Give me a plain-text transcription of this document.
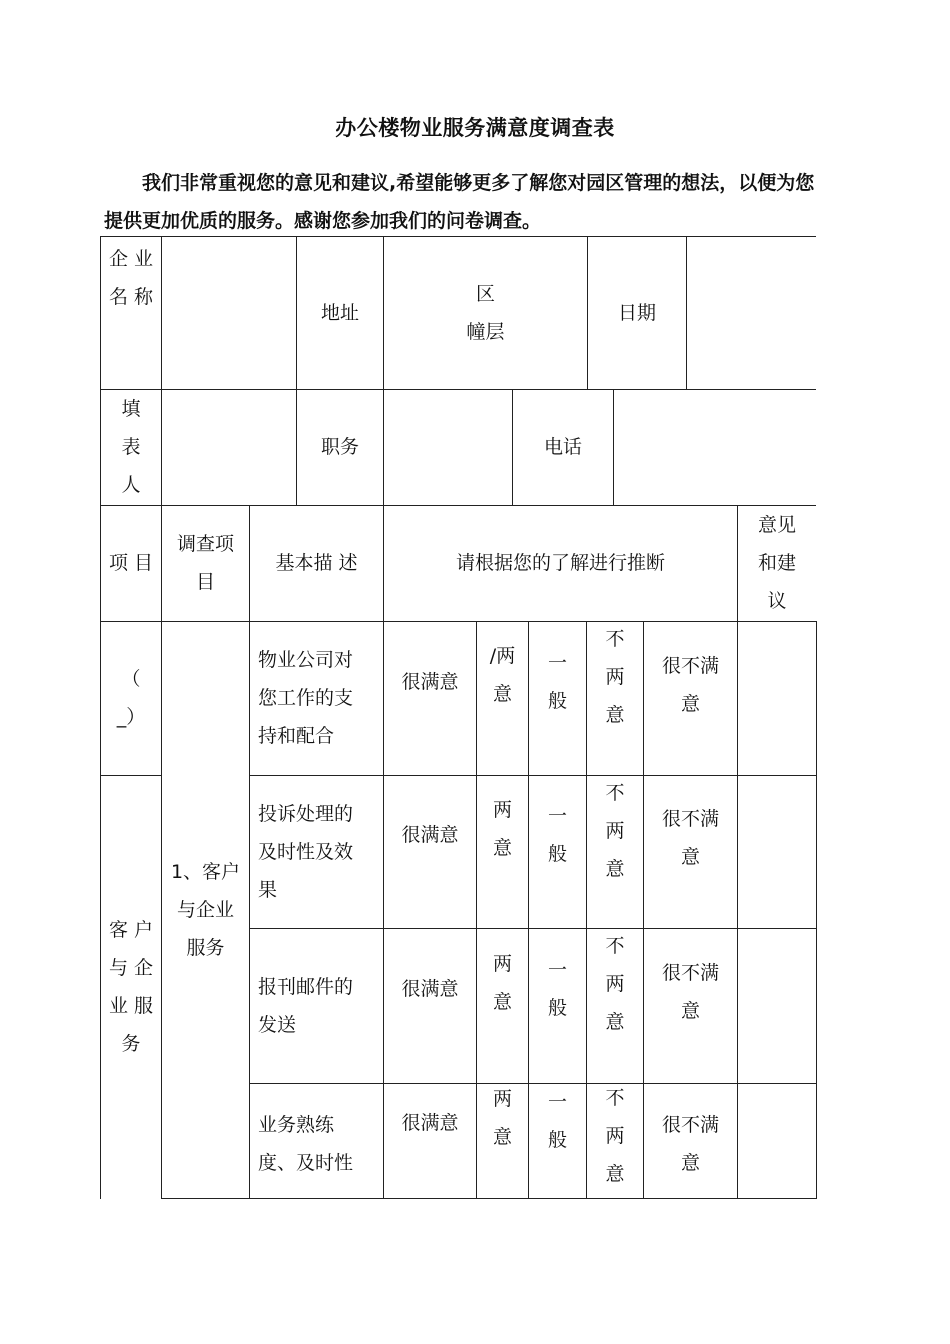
办公楼物业服务满意度调查表
我们非常重视您的意见和建议,希望能够更多了解您对园区管理的想法，以便为您提供更加优质的服务。感谢您参加我们的问卷调查。
企 业
名 称
地址
区
幢层
日期
填
表
人
职务	电话
项 目
调查项
目
基本描 述	请根据您的了解进行推断
意见
和建
议
（
_）
客 户
与 企
业 服
务
1、客户
与企业
服务
物业公司对
您工作的支
持和配合
很满意
/两
意
一
般
不
两
意
很不满
意
投诉处理的
及时性及效
果
很满意
两
意
一
般
不
两
意
很不满
意
报刊邮件的
发送
很满意
两
意
一
般
不
两
意
很不满
意
业务熟练
度、及时性
很满意
两
意
一
般
不
两
意
很不满
意
